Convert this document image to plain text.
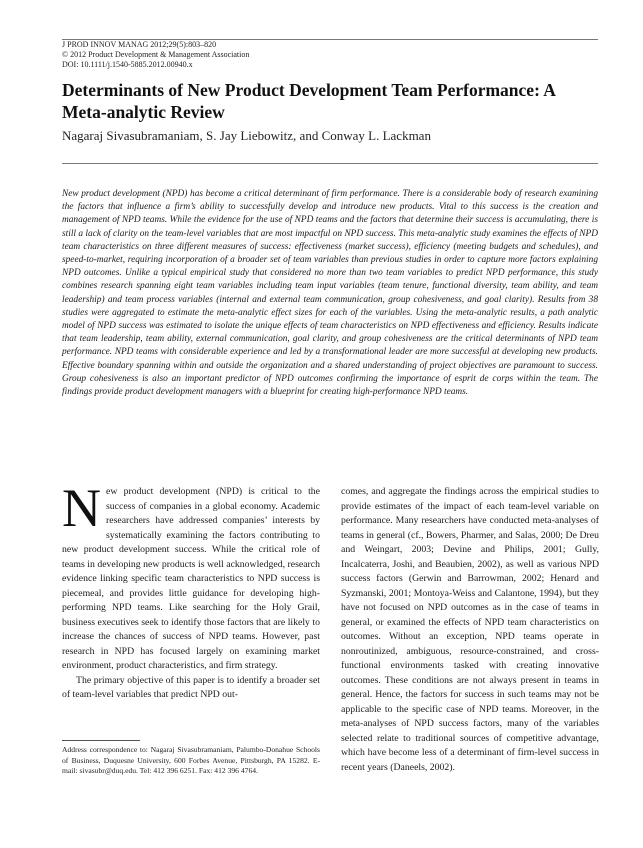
J PROD INNOV MANAG 2012;29(5):803–820
© 2012 Product Development & Management Association
DOI: 10.1111/j.1540-5885.2012.00940.x
Determinants of New Product Development Team Performance: A Meta-analytic Review
Nagaraj Sivasubramaniam, S. Jay Liebowitz, and Conway L. Lackman

New product development (NPD) has become a critical determinant of firm performance. There is a considerable body of research examining the factors that influence a firm’s ability to successfully develop and introduce new products. Vital to this success is the creation and management of NPD teams. While the evidence for the use of NPD teams and the factors that determine their success is accumulating, there is still a lack of clarity on the team-level variables that are most impactful on NPD success. This meta-analytic study examines the effects of NPD team characteristics on three different measures of success: effectiveness (market success), efficiency (meeting budgets and schedules), and speed-to-market, requiring incorporation of a broader set of team variables than previous studies in order to capture more factors explaining NPD outcomes. Unlike a typical empirical study that considered no more than two team variables to predict NPD performance, this study combines research spanning eight team variables including team input variables (team tenure, functional diversity, team ability, and team leadership) and team process variables (internal and external team communication, group cohesiveness, and goal clarity). Results from 38 studies were aggregated to estimate the meta-analytic effect sizes for each of the variables. Using the meta-analytic results, a path analytic model of NPD success was estimated to isolate the unique effects of team characteristics on NPD effectiveness and efficiency. Results indicate that team leadership, team ability, external communication, goal clarity, and group cohesiveness are the critical determinants of NPD team performance. NPD teams with considerable experience and led by a transformational leader are more successful at developing new products. Effective boundary spanning within and outside the organization and a shared understanding of project objectives are paramount to success. Group cohesiveness is also an important predictor of NPD outcomes confirming the importance of esprit de corps within the team. The findings provide product development managers with a blueprint for creating high-performance NPD teams.

New product development (NPD) is critical to the success of companies in a global economy. Academic researchers have addressed companies’ interests by systematically examining the factors contributing to new product development success. While the critical role of teams in developing new products is well acknowledged, research evidence linking specific team characteristics to NPD success is piecemeal, and provides little guidance for developing high-performing NPD teams. Like searching for the Holy Grail, business executives seek to identify those factors that are likely to increase the chances of success of NPD teams. However, past research in NPD has focused largely on examining market environment, product characteristics, and firm strategy.

The primary objective of this paper is to identify a broader set of team-level variables that predict NPD out-

comes, and aggregate the findings across the empirical studies to provide estimates of the impact of each team-level variable on performance. Many researchers have conducted meta-analyses of teams in general (cf., Bowers, Pharmer, and Salas, 2000; De Dreu and Weingart, 2003; Devine and Philips, 2001; Gully, Incalcaterra, Joshi, and Beaubien, 2002), as well as various NPD success factors (Gerwin and Barrowman, 2002; Henard and Syzmanski, 2001; Montoya-Weiss and Calantone, 1994), but they have not focused on NPD outcomes as in the case of teams in general, or examined the effects of NPD team characteristics on outcomes. Without an exception, NPD teams operate in nonroutinized, ambiguous, resource-constrained, and cross-functional environments tasked with creating innovative outcomes. These conditions are not always present in teams in general. Hence, the factors for success in such teams may not be applicable to the specific case of NPD teams. Moreover, in the meta-analyses of NPD success factors, many of the variables selected relate to traditional sources of competitive advantage, which have become less of a determinant of firm-level success in recent years (Daneels, 2002).

Address correspondence to: Nagaraj Sivasubramaniam, Palumbo-Donahue Schools of Business, Duquesne University, 600 Forbes Avenue, Pittsburgh, PA 15282. E-mail: sivasubr@duq.edu. Tel: 412 396 6251. Fax: 412 396 4764.
